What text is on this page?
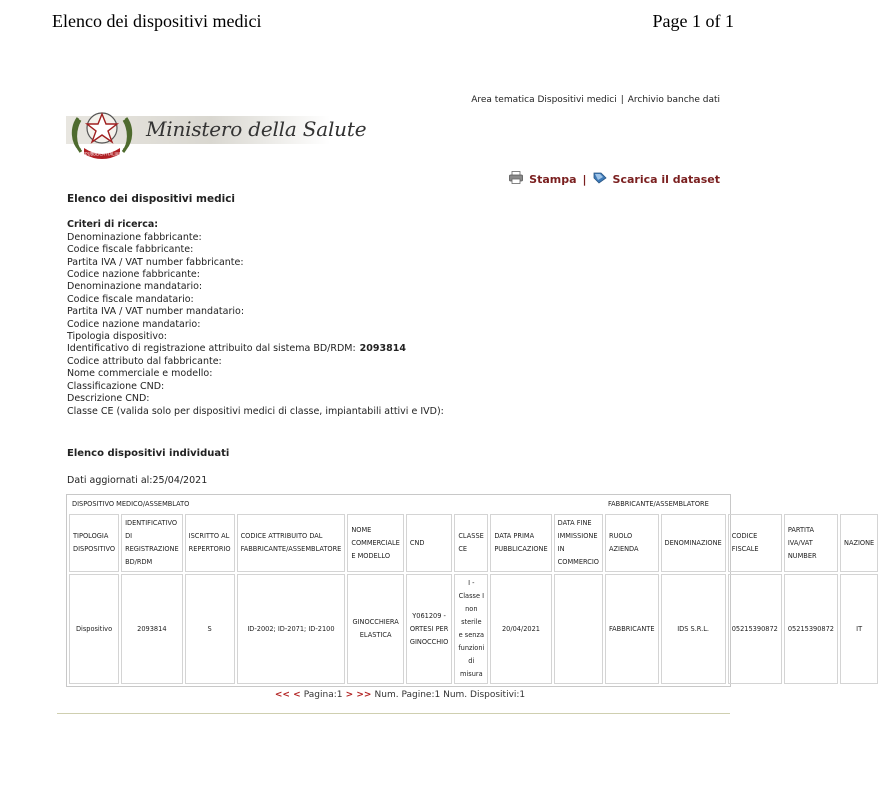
Elenco dei dispositivi medici	Page 1 of 1
Area tematica Dispositivi medici | Archivio banche dati
REPUBBLICA ITALIANA
Ministero della Salute
Stampa | Scarica il dataset
Elenco dei dispositivi medici
Criteri di ricerca:
Denominazione fabbricante:
Codice fiscale fabbricante:
Partita IVA / VAT number fabbricante:
Codice nazione fabbricante:
Denominazione mandatario:
Codice fiscale mandatario:
Partita IVA / VAT number mandatario:
Codice nazione mandatario:
Tipologia dispositivo:
Identificativo di registrazione attribuito dal sistema BD/RDM: 2093814
Codice attributo dal fabbricante:
Nome commerciale e modello:
Classificazione CND:
Descrizione CND:
Classe CE (valida solo per dispositivi medici di classe, impiantabili attivi e IVD):
Elenco dispositivi individuati
Dati aggiornati al:25/04/2021
DISPOSITIVO MEDICO/ASSEMBLATO									FABBRICANTE/ASSEMBLATORE				
TIPOLOGIA DISPOSITIVO	IDENTIFICATIVO DI REGISTRAZIONE BD/RDM	ISCRITTO AL REPERTORIO	CODICE ATTRIBUITO DAL FABBRICANTE/ASSEMBLATORE	NOME COMMERCIALE E MODELLO	CND	CLASSE CE	DATA PRIMA PUBBLICAZIONE	DATA FINE IMMISSIONE IN COMMERCIO	RUOLO AZIENDA	DENOMINAZIONE	CODICE FISCALE	PARTITA IVA/VAT NUMBER	NAZIONE
Dispositivo	2093814	S	ID-2002; ID-2071; ID-2100	GINOCCHIERA ELASTICA	Y061209 - ORTESI PER GINOCCHIO	I - Classe I non sterile e senza funzioni di misura	20/04/2021		FABBRICANTE	IDS S.R.L.	05215390872	05215390872	IT
<< < Pagina:1 > >> Num. Pagine:1 Num. Dispositivi:1
